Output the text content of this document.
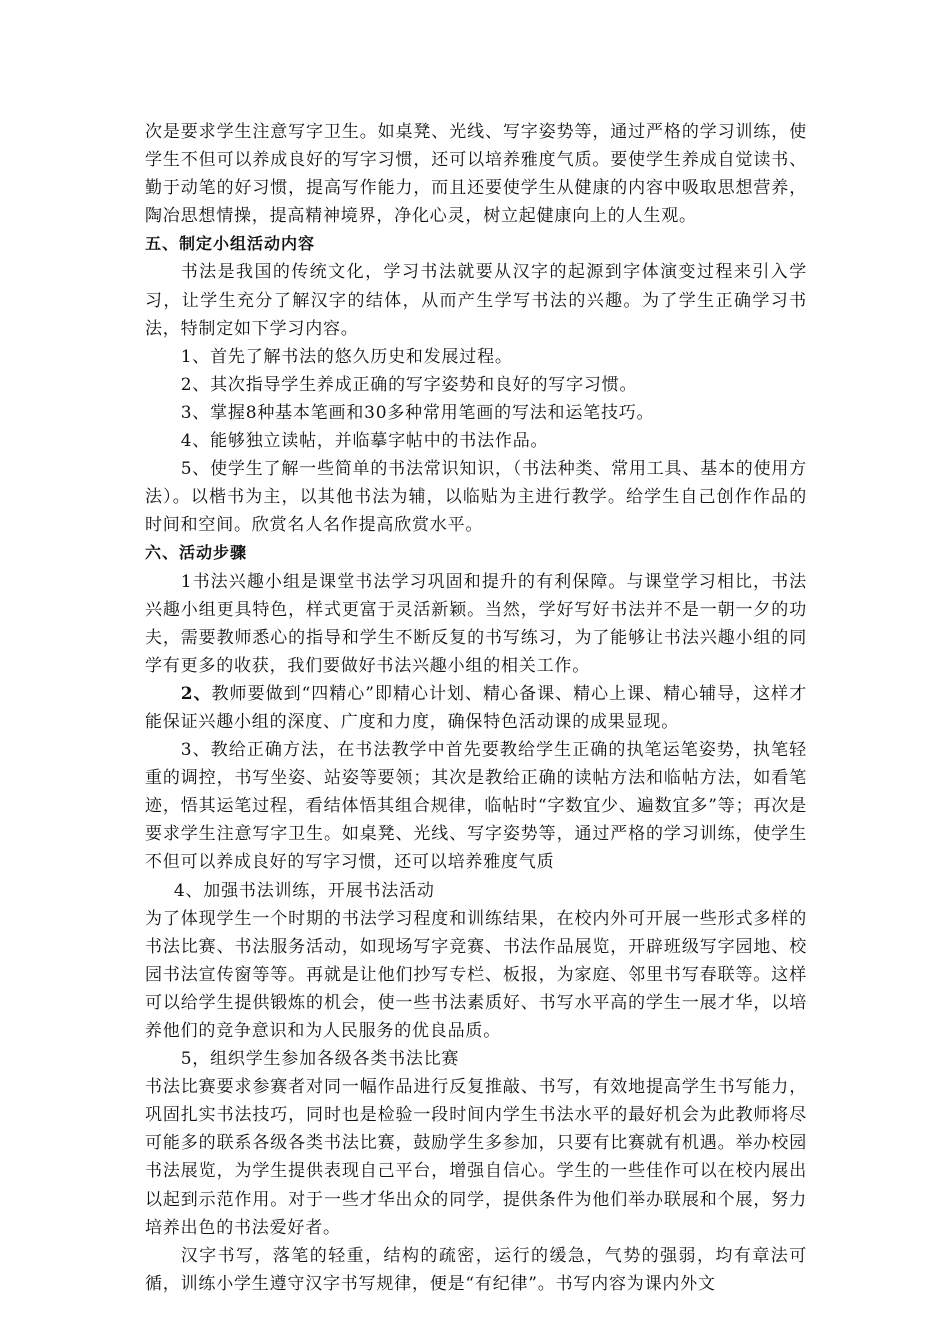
次是要求学生注意写字卫生。如桌凳、光线、写字姿势等，通过严格的学习训练，使学生不但可以养成良好的写字习惯，还可以培养雅度气质。要使学生养成自觉读书、勤于动笔的好习惯，提高写作能力，而且还要使学生从健康的内容中吸取思想营养，陶冶思想情操，提高精神境界，净化心灵，树立起健康向上的人生观。

五、制定小组活动内容

书法是我国的传统文化，学习书法就要从汉字的起源到字体演变过程来引入学习，让学生充分了解汉字的结体，从而产生学写书法的兴趣。为了学生正确学习书法，特制定如下学习内容。

1、首先了解书法的悠久历史和发展过程。

2、其次指导学生养成正确的写字姿势和良好的写字习惯。

3、掌握8种基本笔画和30多种常用笔画的写法和运笔技巧。

4、能够独立读帖，并临摹字帖中的书法作品。

5、使学生了解一些简单的书法常识知识，（书法种类、常用工具、基本的使用方法）。以楷书为主，以其他书法为辅，以临贴为主进行教学。给学生自己创作作品的时间和空间。欣赏名人名作提高欣赏水平。

六、活动步骤

1书法兴趣小组是课堂书法学习巩固和提升的有利保障。与课堂学习相比，书法兴趣小组更具特色，样式更富于灵活新颖。当然，学好写好书法并不是一朝一夕的功夫，需要教师悉心的指导和学生不断反复的书写练习，为了能够让书法兴趣小组的同学有更多的收获，我们要做好书法兴趣小组的相关工作。

2、教师要做到“四精心”即精心计划、精心备课、精心上课、精心辅导，这样才能保证兴趣小组的深度、广度和力度，确保特色活动课的成果显现。

3、教给正确方法，在书法教学中首先要教给学生正确的执笔运笔姿势，执笔轻重的调控，书写坐姿、站姿等要领；其次是教给正确的读帖方法和临帖方法，如看笔迹，悟其运笔过程，看结体悟其组合规律，临帖时“字数宜少、遍数宜多”等；再次是要求学生注意写字卫生。如桌凳、光线、写字姿势等，通过严格的学习训练，使学生不但可以养成良好的写字习惯，还可以培养雅度气质

4、加强书法训练，开展书法活动

为了体现学生一个时期的书法学习程度和训练结果，在校内外可开展一些形式多样的书法比赛、书法服务活动，如现场写字竞赛、书法作品展览，开辟班级写字园地、校园书法宣传窗等等。再就是让他们抄写专栏、板报，为家庭、邻里书写春联等。这样可以给学生提供锻炼的机会，使一些书法素质好、书写水平高的学生一展才华，以培养他们的竞争意识和为人民服务的优良品质。

5，组织学生参加各级各类书法比赛

书法比赛要求参赛者对同一幅作品进行反复推敲、书写，有效地提高学生书写能力，巩固扎实书法技巧，同时也是检验一段时间内学生书法水平的最好机会为此教师将尽可能多的联系各级各类书法比赛，鼓励学生多参加，只要有比赛就有机遇。举办校园书法展览，为学生提供表现自己平台，增强自信心。学生的一些佳作可以在校内展出以起到示范作用。对于一些才华出众的同学，提供条件为他们举办联展和个展，努力培养出色的书法爱好者。

汉字书写，落笔的轻重，结构的疏密，运行的缓急，气势的强弱，均有章法可循，训练小学生遵守汉字书写规律，便是“有纪律”。书写内容为课内外文
